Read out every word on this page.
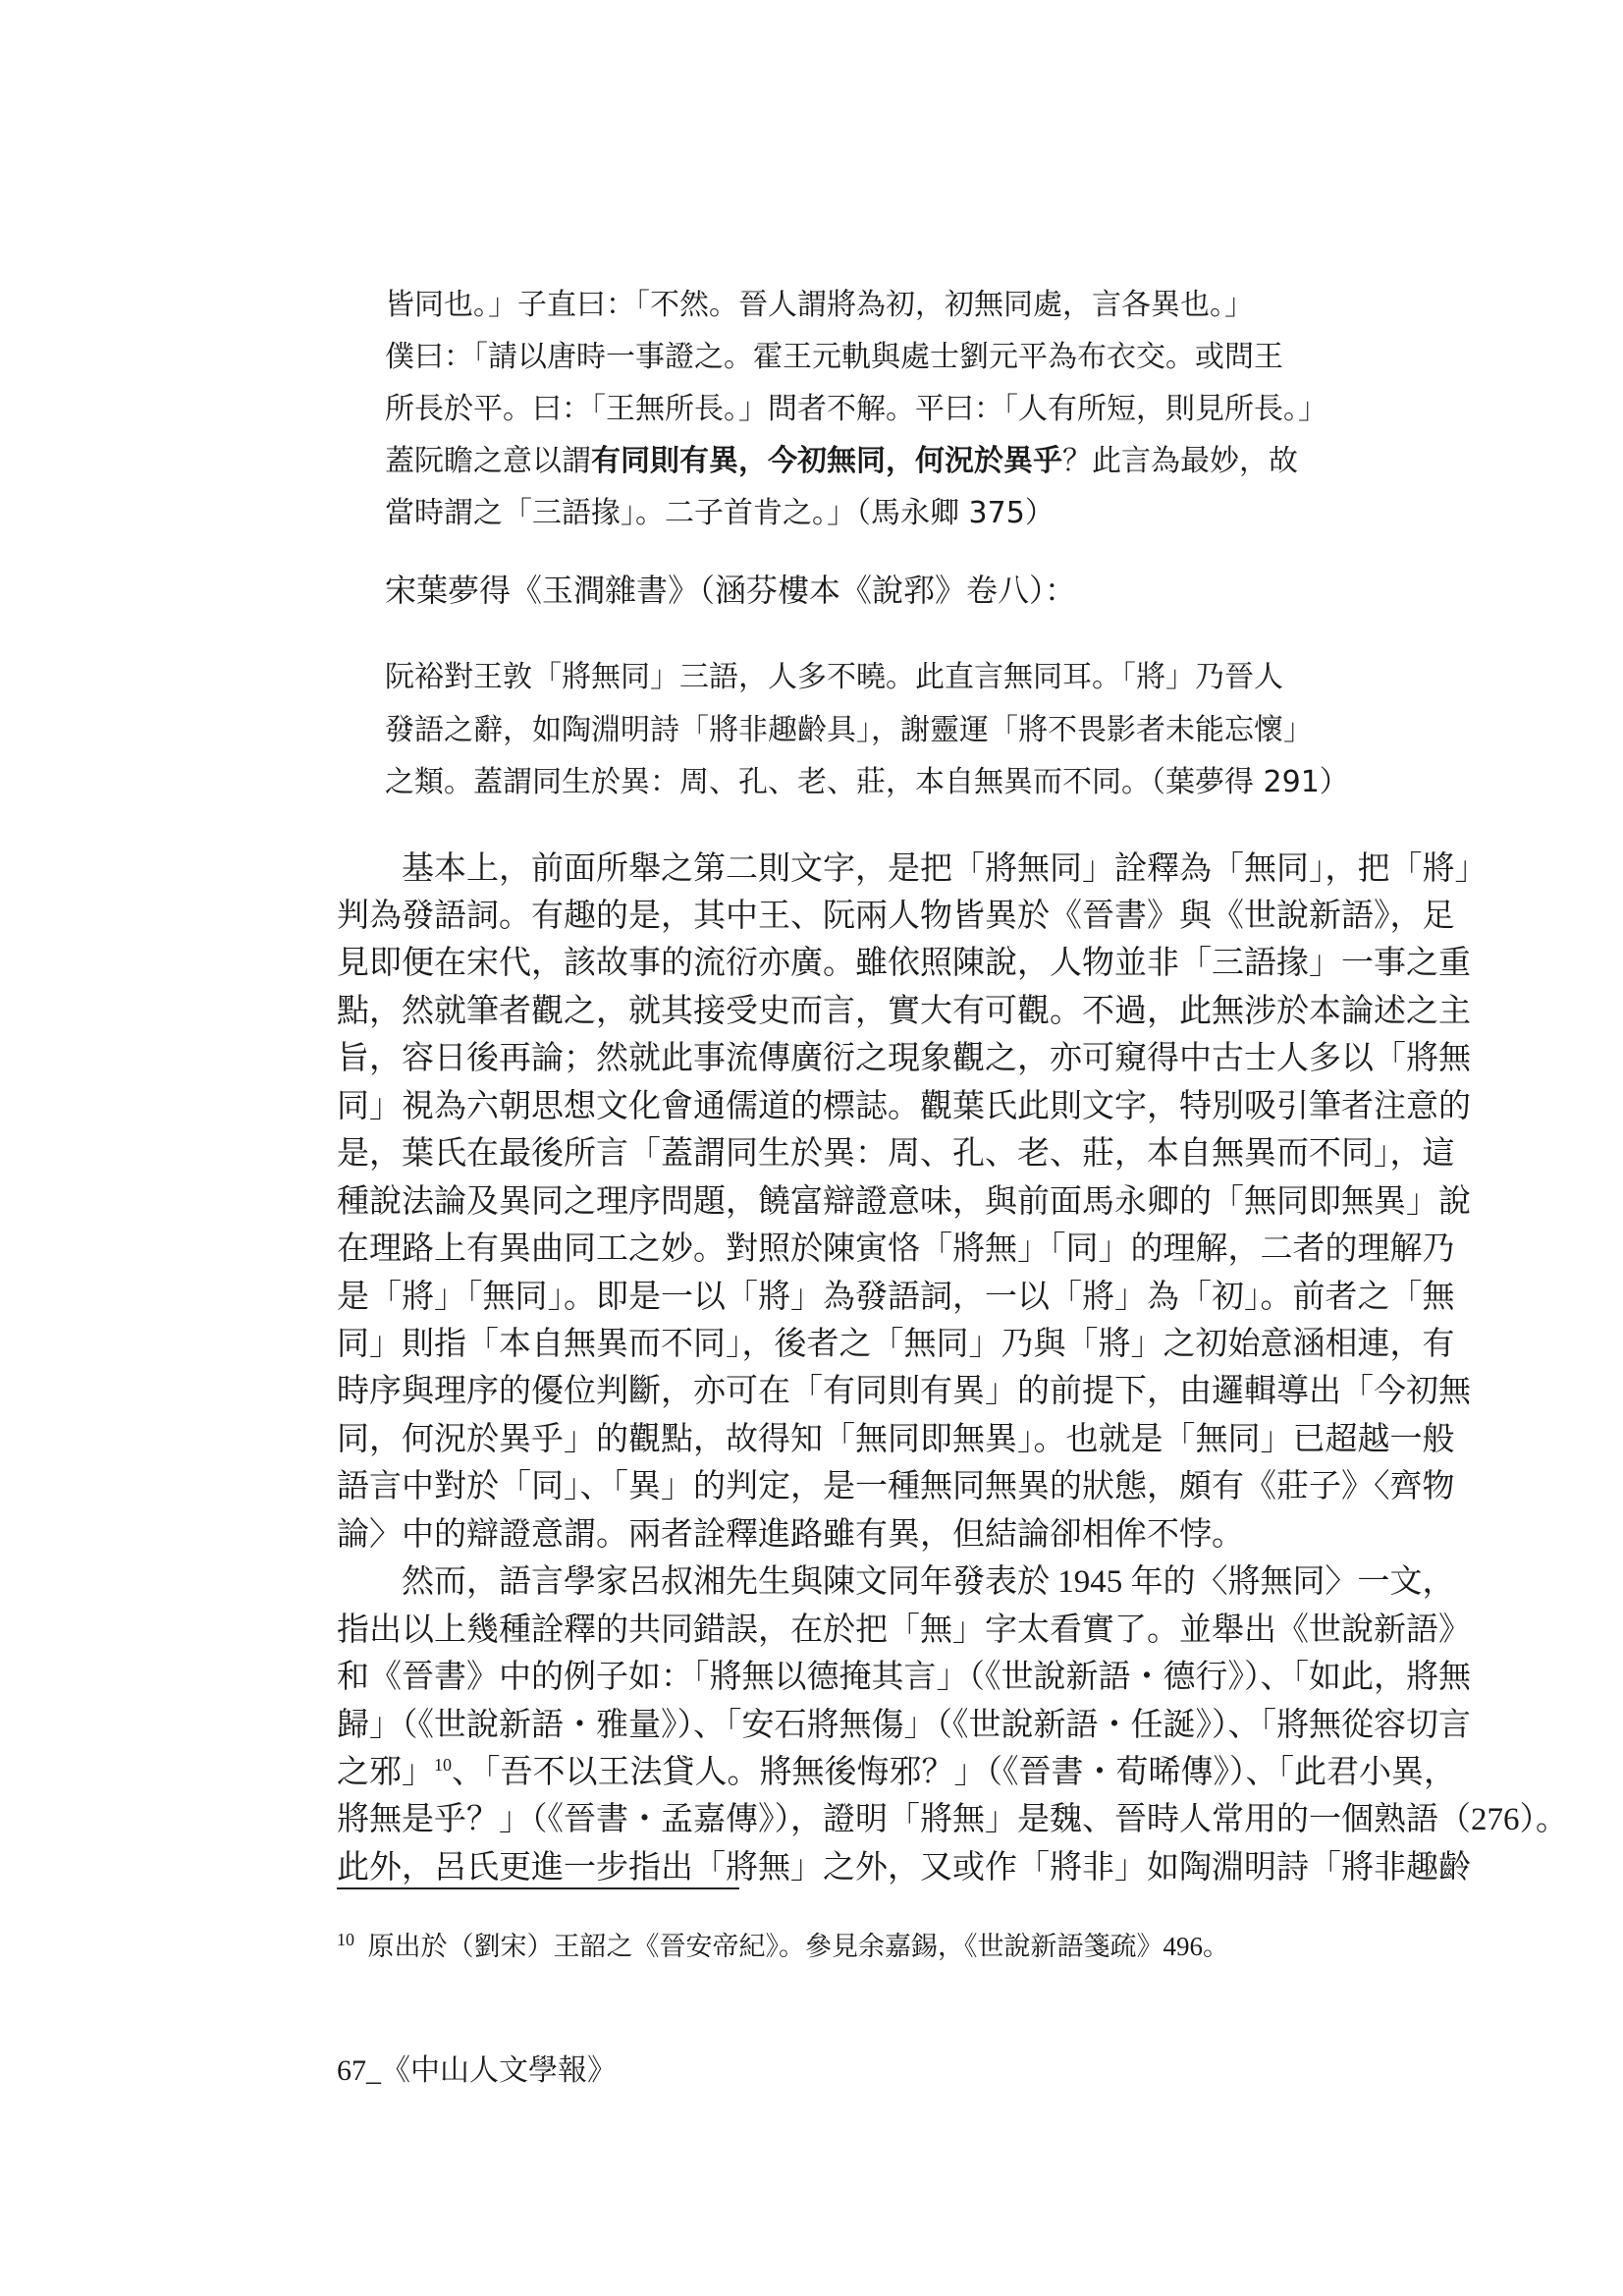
皆同也。」子直曰：「不然。晉人謂將為初，初無同處，言各異也。」
僕曰：「請以唐時一事證之。霍王元軌與處士劉元平為布衣交。或問王
所長於平。曰：「王無所長。」問者不解。平曰：「人有所短，則見所長。」
蓋阮瞻之意以謂有同則有異，今初無同，何況於異乎？此言為最妙，故
當時謂之「三語掾」。二子首肯之。」（馬永卿 375）
宋葉夢得《玉澗雜書》（涵芬樓本《說郛》卷八）：
阮裕對王敦「將無同」三語，人多不曉。此直言無同耳。「將」乃晉人
發語之辭，如陶淵明詩「將非趣齡具」，謝靈運「將不畏影者未能忘懷」
之類。蓋謂同生於異：周、孔、老、莊，本自無異而不同。（葉夢得 291）
　　基本上，前面所舉之第二則文字，是把「將無同」詮釋為「無同」，把「將」
判為發語詞。有趣的是，其中王、阮兩人物皆異於《晉書》與《世說新語》，足
見即便在宋代，該故事的流衍亦廣。雖依照陳說，人物並非「三語掾」一事之重
點，然就筆者觀之，就其接受史而言，實大有可觀。不過，此無涉於本論述之主
旨，容日後再論；然就此事流傳廣衍之現象觀之，亦可窺得中古士人多以「將無
同」視為六朝思想文化會通儒道的標誌。觀葉氏此則文字，特別吸引筆者注意的
是，葉氏在最後所言「蓋謂同生於異：周、孔、老、莊，本自無異而不同」，這
種說法論及異同之理序問題，饒富辯證意味，與前面馬永卿的「無同即無異」說
在理路上有異曲同工之妙。對照於陳寅恪「將無」「同」的理解，二者的理解乃
是「將」「無同」。即是一以「將」為發語詞，一以「將」為「初」。前者之「無
同」則指「本自無異而不同」，後者之「無同」乃與「將」之初始意涵相連，有
時序與理序的優位判斷，亦可在「有同則有異」的前提下，由邏輯導出「今初無
同，何況於異乎」的觀點，故得知「無同即無異」。也就是「無同」已超越一般
語言中對於「同」、「異」的判定，是一種無同無異的狀態，頗有《莊子》〈齊物
論〉中的辯證意謂。兩者詮釋進路雖有異，但結論卻相侔不悖。
　　然而，語言學家呂叔湘先生與陳文同年發表於 1945 年的〈將無同〉一文，
指出以上幾種詮釋的共同錯誤，在於把「無」字太看實了。並舉出《世說新語》
和《晉書》中的例子如：「將無以德掩其言」（《世說新語・德行》）、「如此，將無
歸」（《世說新語・雅量》）、「安石將無傷」（《世說新語・任誕》）、「將無從容切言
之邪」$^{10}$、「吾不以王法貸人。將無後悔邪？」（《晉書・荀晞傳》）、「此君小異，
將無是乎？」（《晉書・孟嘉傳》），證明「將無」是魏、晉時人常用的一個熟語（276）。
此外，呂氏更進一步指出「將無」之外，又或作「將非」如陶淵明詩「將非趣齡
$^{10}$ 原出於（劉宋）王韶之《晉安帝紀》。參見余嘉錫，《世說新語箋疏》496。
67_《中山人文學報》
